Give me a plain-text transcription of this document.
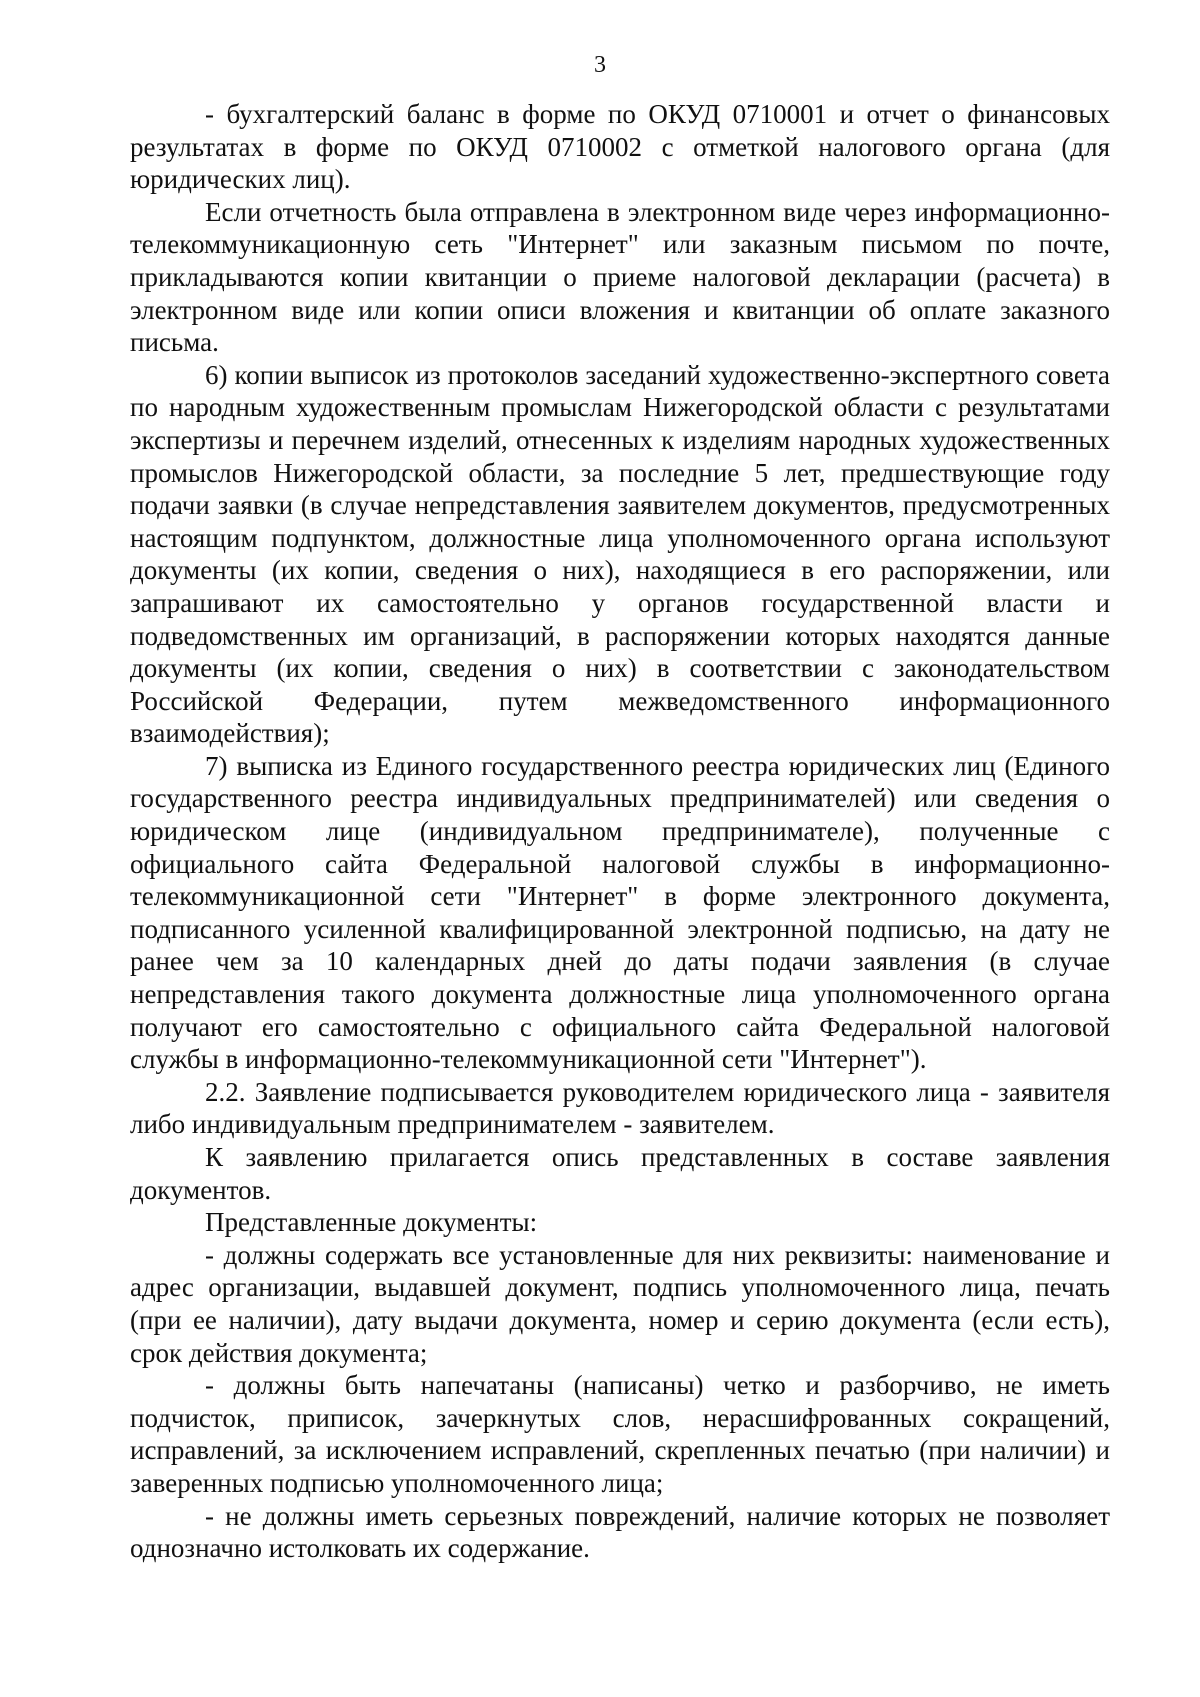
3

- бухгалтерский баланс в форме по ОКУД 0710001 и отчет о финансовых результатах в форме по ОКУД 0710002 с отметкой налогового органа (для юридических лиц).

Если отчетность была отправлена в электронном виде через информационно-телекоммуникационную сеть "Интернет" или заказным письмом по почте, прикладываются копии квитанции о приеме налоговой декларации (расчета) в электронном виде или копии описи вложения и квитанции об оплате заказного письма.

6) копии выписок из протоколов заседаний художественно-экспертного совета по народным художественным промыслам Нижегородской области с результатами экспертизы и перечнем изделий, отнесенных к изделиям народных художественных промыслов Нижегородской области, за последние 5 лет, предшествующие году подачи заявки (в случае непредставления заявителем документов, предусмотренных настоящим подпунктом, должностные лица уполномоченного органа используют документы (их копии, сведения о них), находящиеся в его распоряжении, или запрашивают их самостоятельно у органов государственной власти и подведомственных им организаций, в распоряжении которых находятся данные документы (их копии, сведения о них) в соответствии с законодательством Российской Федерации, путем межведомственного информационного взаимодействия);

7) выписка из Единого государственного реестра юридических лиц (Единого государственного реестра индивидуальных предпринимателей) или сведения о юридическом лице (индивидуальном предпринимателе), полученные с официального сайта Федеральной налоговой службы в информационно-телекоммуникационной сети "Интернет" в форме электронного документа, подписанного усиленной квалифицированной электронной подписью, на дату не ранее чем за 10 календарных дней до даты подачи заявления (в случае непредставления такого документа должностные лица уполномоченного органа получают его самостоятельно с официального сайта Федеральной налоговой службы в информационно-телекоммуникационной сети "Интернет").

2.2. Заявление подписывается руководителем юридического лица - заявителя либо индивидуальным предпринимателем - заявителем.

К заявлению прилагается опись представленных в составе заявления документов.

Представленные документы:

- должны содержать все установленные для них реквизиты: наименование и адрес организации, выдавшей документ, подпись уполномоченного лица, печать (при ее наличии), дату выдачи документа, номер и серию документа (если есть), срок действия документа;

- должны быть напечатаны (написаны) четко и разборчиво, не иметь подчисток, приписок, зачеркнутых слов, нерасшифрованных сокращений, исправлений, за исключением исправлений, скрепленных печатью (при наличии) и заверенных подписью уполномоченного лица;

- не должны иметь серьезных повреждений, наличие которых не позволяет однозначно истолковать их содержание.
